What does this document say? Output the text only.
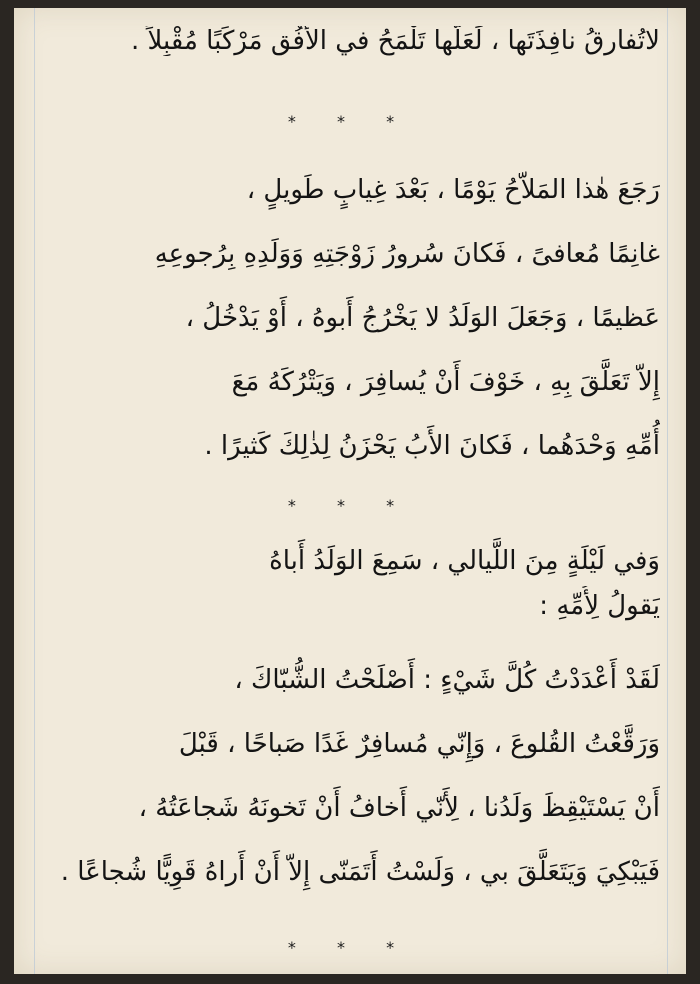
لاتُفارِقُ نافِذَتَها ، لَعَلَّها تَلْمَحُ في الأُفُقِ مَرْكَبًا مُقْبِلاً .
* * *
رَجَعَ هٰذا المَلاّحُ يَوْمًا ، بَعْدَ غِيابٍ طَويلٍ ،
غانِمًا مُعافىً ، فَكانَ سُرورُ زَوْجَتِهِ وَوَلَدِهِ بِرُجوعِهِ
عَظيمًا ، وَجَعَلَ الوَلَدُ لا يَخْرُجُ أَبوهُ ، أَوْ يَدْخُلُ ،
إِلاّ تَعَلَّقَ بِهِ ، خَوْفَ أَنْ يُسافِرَ ، وَيَتْرُكَهُ مَعَ
أُمِّهِ وَحْدَهُما ، فَكانَ الأَبُ يَحْزَنُ لِذٰلِكَ كَثيرًا .
* * *
وَفي لَيْلَةٍ مِنَ اللَّيالي ، سَمِعَ الوَلَدُ أَباهُ
يَقولُ لِأُمِّهِ :
لَقَدْ أَعْدَدْتُ كُلَّ شَيْءٍ : أَصْلَحْتُ الشُّبّاكَ ،
وَرَقَّعْتُ القُلوعَ ، وَإِنّي مُسافِرٌ غَدًا صَباحًا ، قَبْلَ
أَنْ يَسْتَيْقِظَ وَلَدُنا ، لِأَنّي أَخافُ أَنْ تَخونَهُ شَجاعَتُهُ ،
فَيَبْكِيَ وَيَتَعَلَّقَ بي ، وَلَسْتُ أَتَمَنّى إِلاّ أَنْ أَراهُ قَوِيًّا شُجاعًا .
* * *
